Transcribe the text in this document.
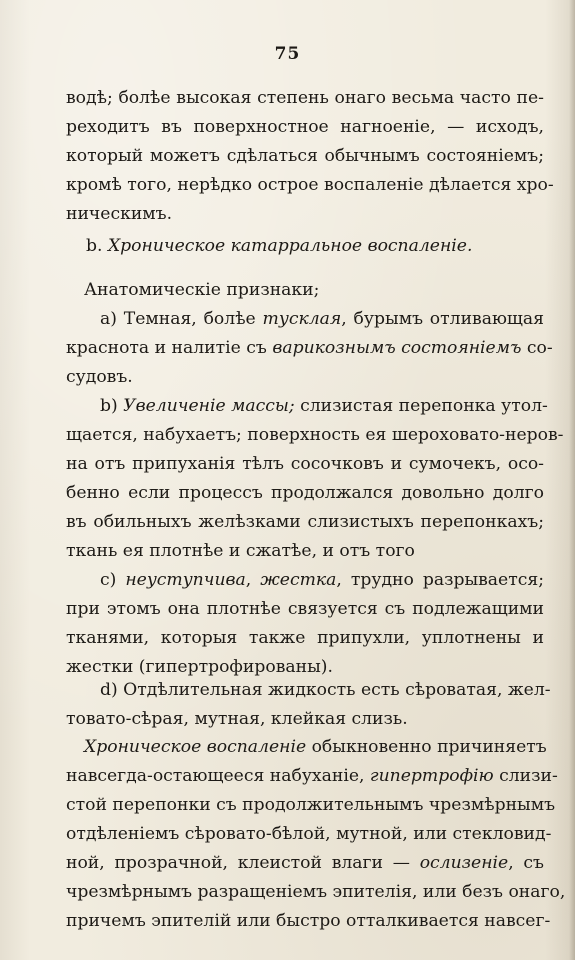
75
водѣ; болѣе высокая степень онаго весьма часто пе-
реходитъ въ поверхностное нагноеніе, — исходъ,
который можетъ сдѣлаться обычнымъ состояніемъ;
кромѣ того, нерѣдко острое воспаленіе дѣлается хро-
ническимъ.
b. Хроническое катарральное воспаленіе.
Анатомическіе признаки;
a) Темная, болѣе тусклая, бурымъ отливающая
краснота и налитіе съ варикознымъ состояніемъ со-
судовъ.
b) Увеличеніе массы; слизистая перепонка утол-
щается, набухаетъ; поверхность ея шероховато-неров-
на отъ припуханія тѣлъ сосочковъ и сумочекъ, осо-
бенно если процессъ продолжался довольно долго
въ обильныхъ желѣзками слизистыхъ перепонкахъ;
ткань ея плотнѣе и сжатѣе, и отъ того
c) неуступчива, жестка, трудно разрывается;
при этомъ она плотнѣе связуется съ подлежащими
тканями, которыя также припухли, уплотнены и
жестки (гипертрофированы).
d) Отдѣлительная жидкость есть сѣроватая, жел-
товато-сѣрая, мутная, клейкая слизь.
Хроническое воспаленіе обыкновенно причиняетъ
навсегда-остающееся набуханіе, гипертрофію слизи-
стой перепонки съ продолжительнымъ чрезмѣрнымъ
отдѣленіемъ сѣровато-бѣлой, мутной, или стекловид-
ной, прозрачной, клеистой влаги — ослизеніе, съ
чрезмѣрнымъ разращеніемъ эпителія, или безъ онаго,
причемъ эпителій или быстро отталкивается навсег-
